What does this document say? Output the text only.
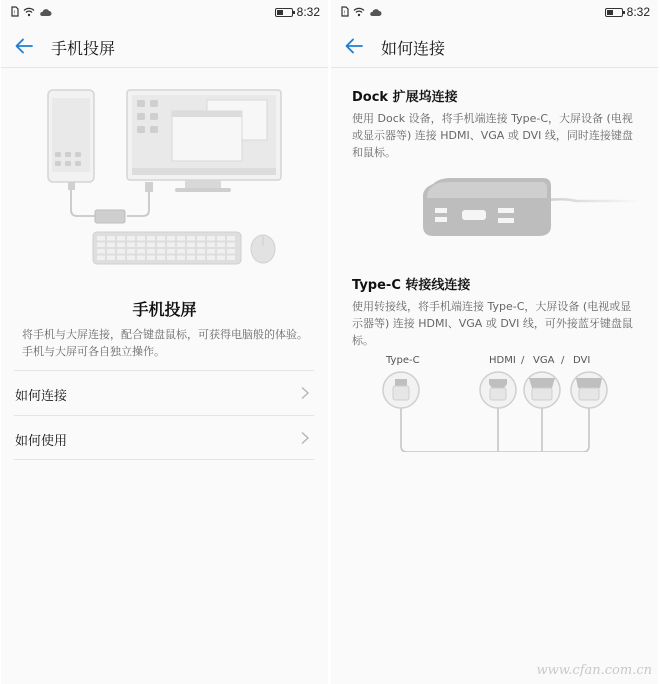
!	8:32
手机投屏
手机投屏
将手机与大屏连接，配合键盘鼠标，可获得电脑般的体验。手机与大屏可各自独立操作。
如何连接
如何使用
!	8:32
如何连接
Dock 扩展坞连接
使用 Dock 设备，将手机端连接 Type-C，大屏设备 (电视或显示器等) 连接 HDMI、VGA 或 DVI 线，同时连接键盘和鼠标。
Type-C 转接线连接
使用转接线，将手机端连接 Type-C，大屏设备 (电视或显示器等) 连接 HDMI、VGA 或 DVI 线，可外接蓝牙键盘鼠标。
Type-C	HDMI / VGA / DVI
www.cfan.com.cn
